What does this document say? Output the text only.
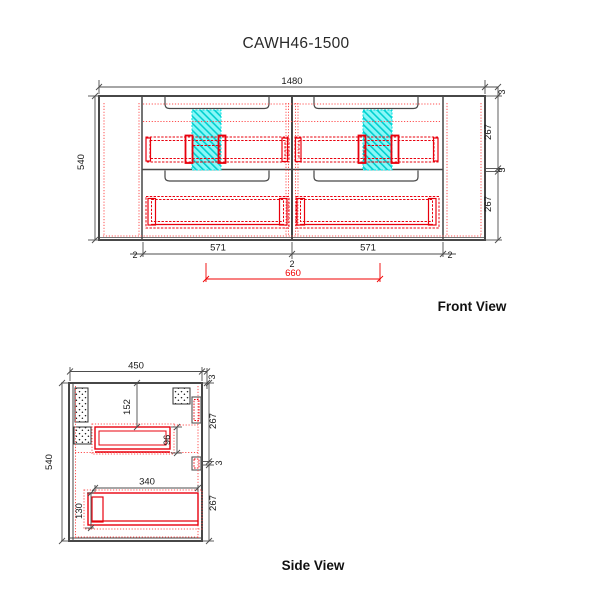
CAWH46-1500
1480
540
3
267
3
267
2
571
2
571
2
660
Front View
450
3
267
3
267
540
152
96
340
130
Side View
